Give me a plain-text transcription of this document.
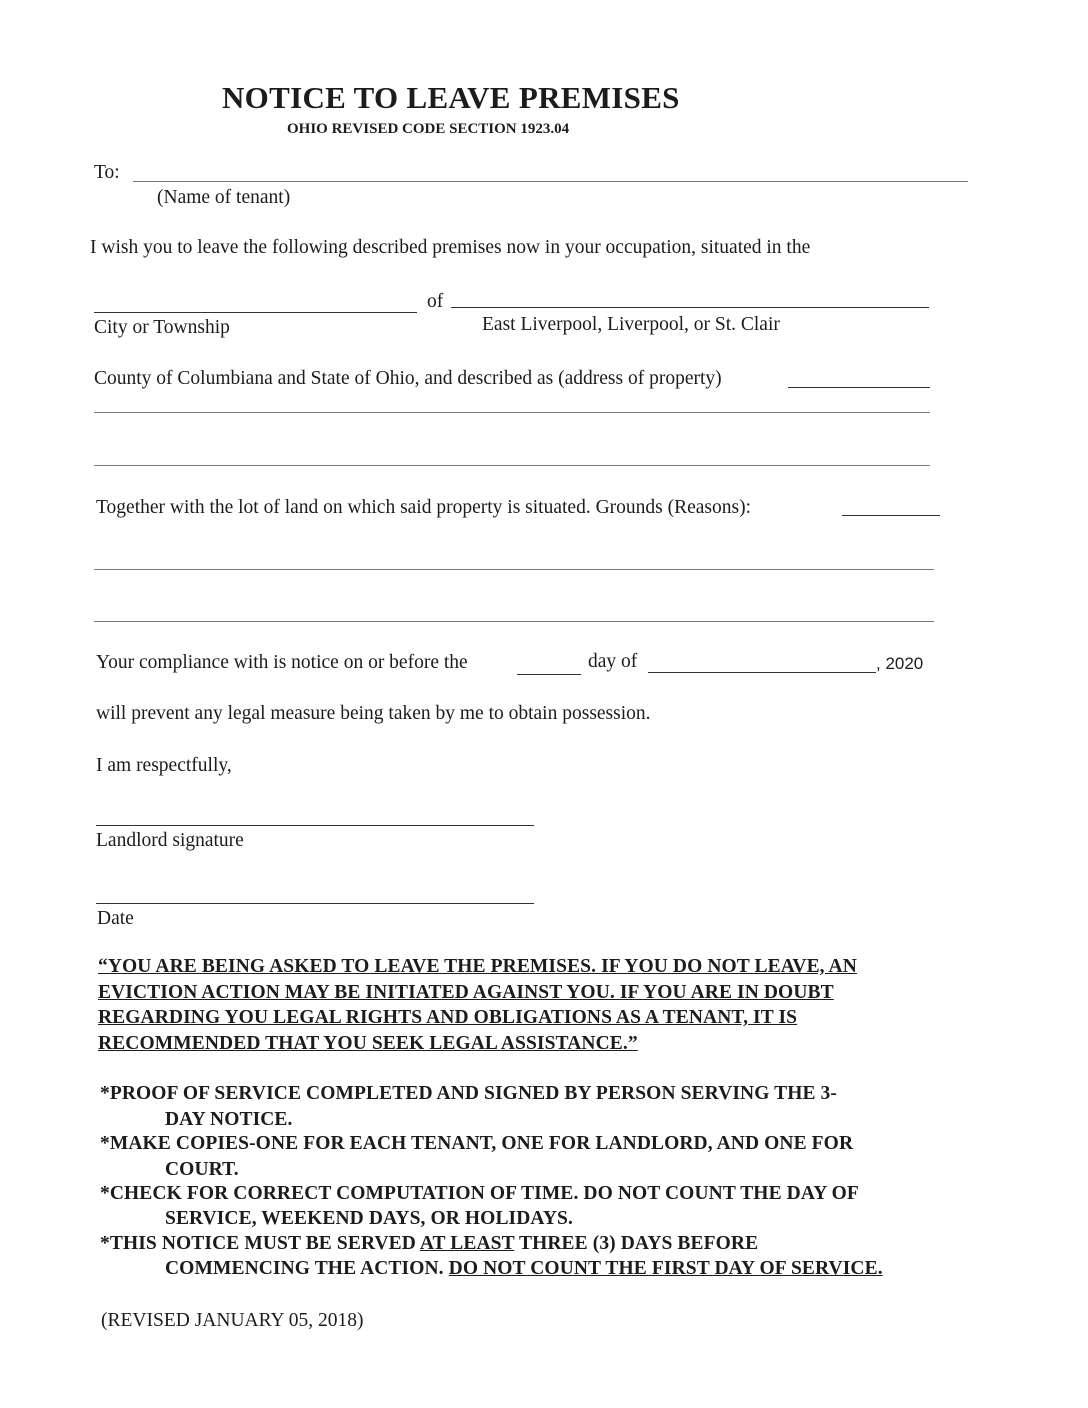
NOTICE TO LEAVE PREMISES
OHIO REVISED CODE SECTION 1923.04
To:
(Name of tenant)
I wish you to leave the following described premises now in your occupation, situated in the
of
City or Township	East Liverpool, Liverpool, or St. Clair
County of Columbiana and State of Ohio, and described as (address of property)
Together with the lot of land on which said property is situated. Grounds (Reasons):
Your compliance with is notice on or before the	day of	, 2020
will prevent any legal measure being taken by me to obtain possession.
I am respectfully,
Landlord signature
Date
“YOU ARE BEING ASKED TO LEAVE THE PREMISES. IF YOU DO NOT LEAVE, AN
EVICTION ACTION MAY BE INITIATED AGAINST YOU. IF YOU ARE IN DOUBT
REGARDING YOU LEGAL RIGHTS AND OBLIGATIONS AS A TENANT, IT IS
RECOMMENDED THAT YOU SEEK LEGAL ASSISTANCE.”
*PROOF OF SERVICE COMPLETED AND SIGNED BY PERSON SERVING THE 3-
DAY NOTICE.
*MAKE COPIES-ONE FOR EACH TENANT, ONE FOR LANDLORD, AND ONE FOR
COURT.
*CHECK FOR CORRECT COMPUTATION OF TIME. DO NOT COUNT THE DAY OF
SERVICE, WEEKEND DAYS, OR HOLIDAYS.
*THIS NOTICE MUST BE SERVED AT LEAST THREE (3) DAYS BEFORE
COMMENCING THE ACTION. DO NOT COUNT THE FIRST DAY OF SERVICE.
(REVISED JANUARY 05, 2018)
